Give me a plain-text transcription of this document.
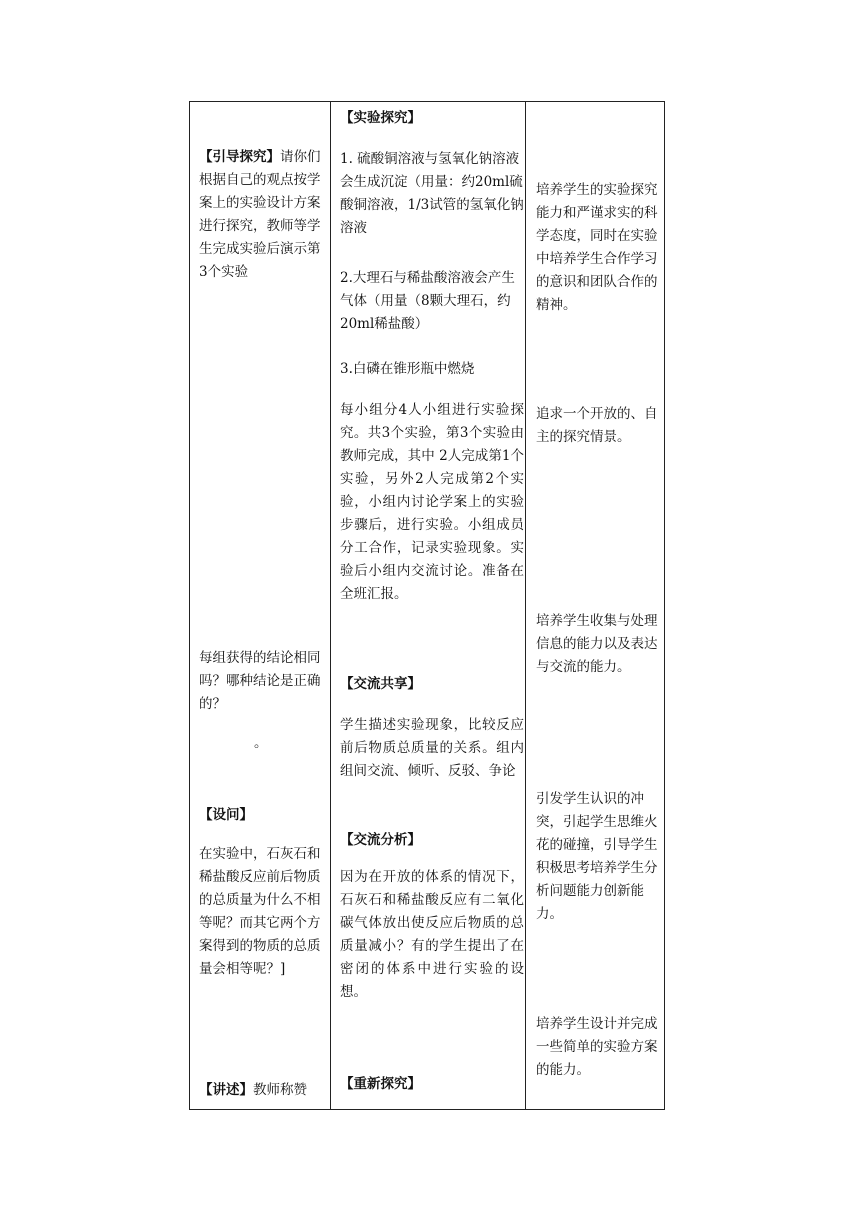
【引导探究】请你们根据自己的观点按学案上的实验设计方案进行探究，教师等学生完成实验后演示第3个实验

每组获得的结论相同吗？哪种结论是正确的？

。

【设问】

在实验中，石灰石和稀盐酸反应前后物质的总质量为什么不相等呢？而其它两个方案得到的物质的总质量会相等呢？]

【讲述】教师称赞

【实验探究】

1. 硫酸铜溶液与氢氧化钠溶液会生成沉淀（用量：约20ml硫酸铜溶液，1/3试管的氢氧化钠溶液

2.大理石与稀盐酸溶液会产生气体（用量（8颗大理石，约20ml稀盐酸）

3.白磷在锥形瓶中燃烧

每小组分4人小组进行实验探究。共3个实验，第3个实验由教师完成，其中 2人完成第1个实验，另外2人完成第2个实验，小组内讨论学案上的实验步骤后，进行实验。小组成员分工合作，记录实验现象。实验后小组内交流讨论。准备在全班汇报。

【交流共享】

学生描述实验现象，比较反应前后物质总质量的关系。组内组间交流、倾听、反驳、争论

【交流分析】

因为在开放的体系的情况下，石灰石和稀盐酸反应有二氧化碳气体放出使反应后物质的总质量减小？有的学生提出了在密闭的体系中进行实验的设想。

【重新探究】

培养学生的实验探究能力和严谨求实的科学态度，同时在实验中培养学生合作学习的意识和团队合作的精神。

追求一个开放的、自主的探究情景。

培养学生收集与处理信息的能力以及表达与交流的能力。

引发学生认识的冲突，引起学生思维火花的碰撞，引导学生积极思考培养学生分析问题能力创新能力。

培养学生设计并完成一些简单的实验方案的能力。
